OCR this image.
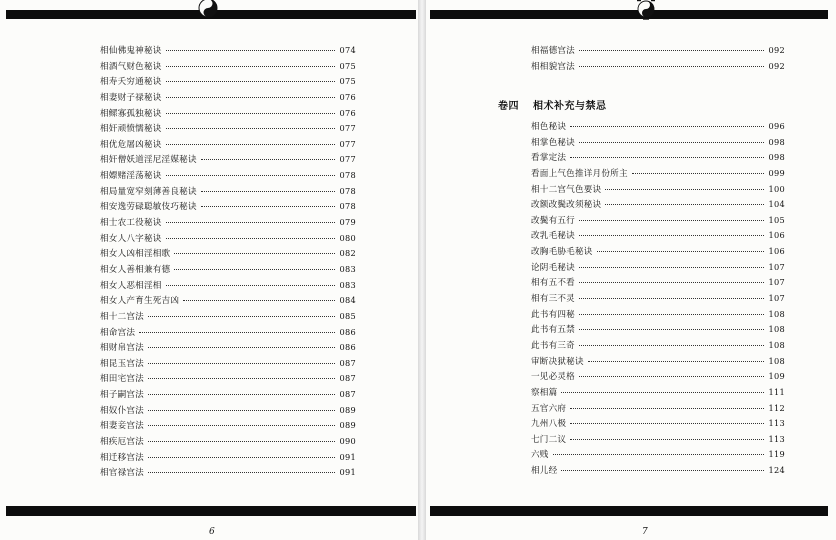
相仙佛鬼神秘诀	074
相酒气财色秘诀	075
相寿夭穷通秘诀	075
相妻财子禄秘诀	076
相鳏寡孤独秘诀	076
相奸顽愤懦秘诀	077
相优危屠凶秘诀	077
相奸僧妖道淫尼淫媒秘诀	077
相嫖赌淫荡秘诀	078
相局量宽窄刻薄善良秘诀	078
相安逸劳碌聪敏伎巧秘诀	078
相士农工役秘诀	079
相女人八字秘诀	080
相女人凶相淫相歌	082
相女人善相兼有德	083
相女人恶相淫相	083
相女人产育生死吉凶	084
相十二宫法	085
相命宫法	086
相财帛宫法	086
相昆玉宫法	087
相田宅宫法	087
相子嗣宫法	087
相奴仆宫法	089
相妻妾宫法	089
相疾厄宫法	090
相迁移宫法	091
相官禄宫法	091
6
相福德宫法	092
相相貌宫法	092
卷四 相术补充与禁忌
相色秘诀	096
相掌色秘诀	098
看掌定法	098
看面上气色推详月份所主	099
相十二宫气色要诀	100
改额改鬓改须秘诀	104
改鬓有五行	105
改乳毛秘诀	106
改胸毛胁毛秘诀	106
论阴毛秘诀	107
相有五不看	107
相有三不灵	107
此书有四秘	108
此书有五禁	108
此书有三奇	108
审断决狱秘诀	108
一见必灵格	109
察相篇	111
五官六府	112
九州八极	113
七门二议	113
六贱	119
相儿经	124
7
